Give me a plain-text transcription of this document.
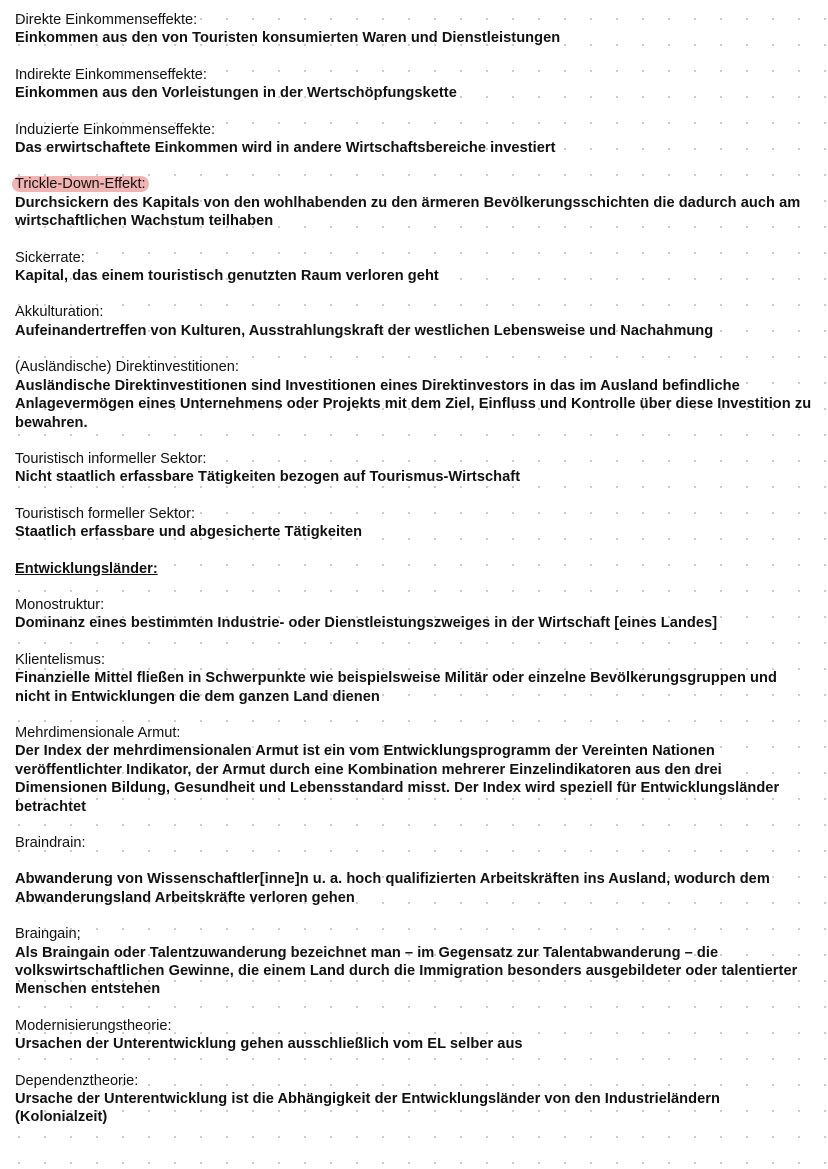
Direkte Einkommenseffekte:
Einkommen aus den von Touristen konsumierten Waren und Dienstleistungen
Indirekte Einkommenseffekte:
Einkommen aus den Vorleistungen in der Wertschöpfungskette
Induzierte Einkommenseffekte:
Das erwirtschaftete Einkommen wird in andere Wirtschaftsbereiche investiert
Trickle-Down-Effekt:
Durchsickern des Kapitals von den wohlhabenden zu den ärmeren Bevölkerungsschichten die dadurch auch am wirtschaftlichen Wachstum teilhaben
Sickerrate:
Kapital, das einem touristisch genutzten Raum verloren geht
Akkulturation:
Aufeinandertreffen von Kulturen, Ausstrahlungskraft der westlichen Lebensweise und Nachahmung
(Ausländische) Direktinvestitionen:
Ausländische Direktinvestitionen sind Investitionen eines Direktinvestors in das im Ausland befindliche Anlagevermögen eines Unternehmens oder Projekts mit dem Ziel, Einfluss und Kontrolle über diese Investition zu bewahren.
Touristisch informeller Sektor:
Nicht staatlich erfassbare Tätigkeiten bezogen auf Tourismus-Wirtschaft
Touristisch formeller Sektor:
Staatlich erfassbare und abgesicherte Tätigkeiten
Entwicklungsländer:
Monostruktur:
Dominanz eines bestimmten Industrie- oder Dienstleistungszweiges in der Wirtschaft [eines Landes]
Klientelismus:
Finanzielle Mittel fließen in Schwerpunkte wie beispielsweise Militär oder einzelne Bevölkerungsgruppen und nicht in Entwicklungen die dem ganzen Land dienen
Mehrdimensionale Armut:
Der Index der mehrdimensionalen Armut ist ein vom Entwicklungsprogramm der Vereinten Nationen veröffentlichter Indikator, der Armut durch eine Kombination mehrerer Einzelindikatoren aus den drei Dimensionen Bildung, Gesundheit und Lebensstandard misst. Der Index wird speziell für Entwicklungsländer betrachtet
Braindrain:
Abwanderung von Wissenschaftler[inne]n u. a. hoch qualifizierten Arbeitskräften ins Ausland, wodurch dem Abwanderungsland Arbeitskräfte verloren gehen
Braingain;
Als Braingain oder Talentzuwanderung bezeichnet man – im Gegensatz zur Talentabwanderung – die volkswirtschaftlichen Gewinne, die einem Land durch die Immigration besonders ausgebildeter oder talentierter Menschen entstehen
Modernisierungstheorie:
Ursachen der Unterentwicklung gehen ausschließlich vom EL selber aus
Dependenztheorie:
Ursache der Unterentwicklung ist die Abhängigkeit der Entwicklungsländer von den Industrieländern (Kolonialzeit)
